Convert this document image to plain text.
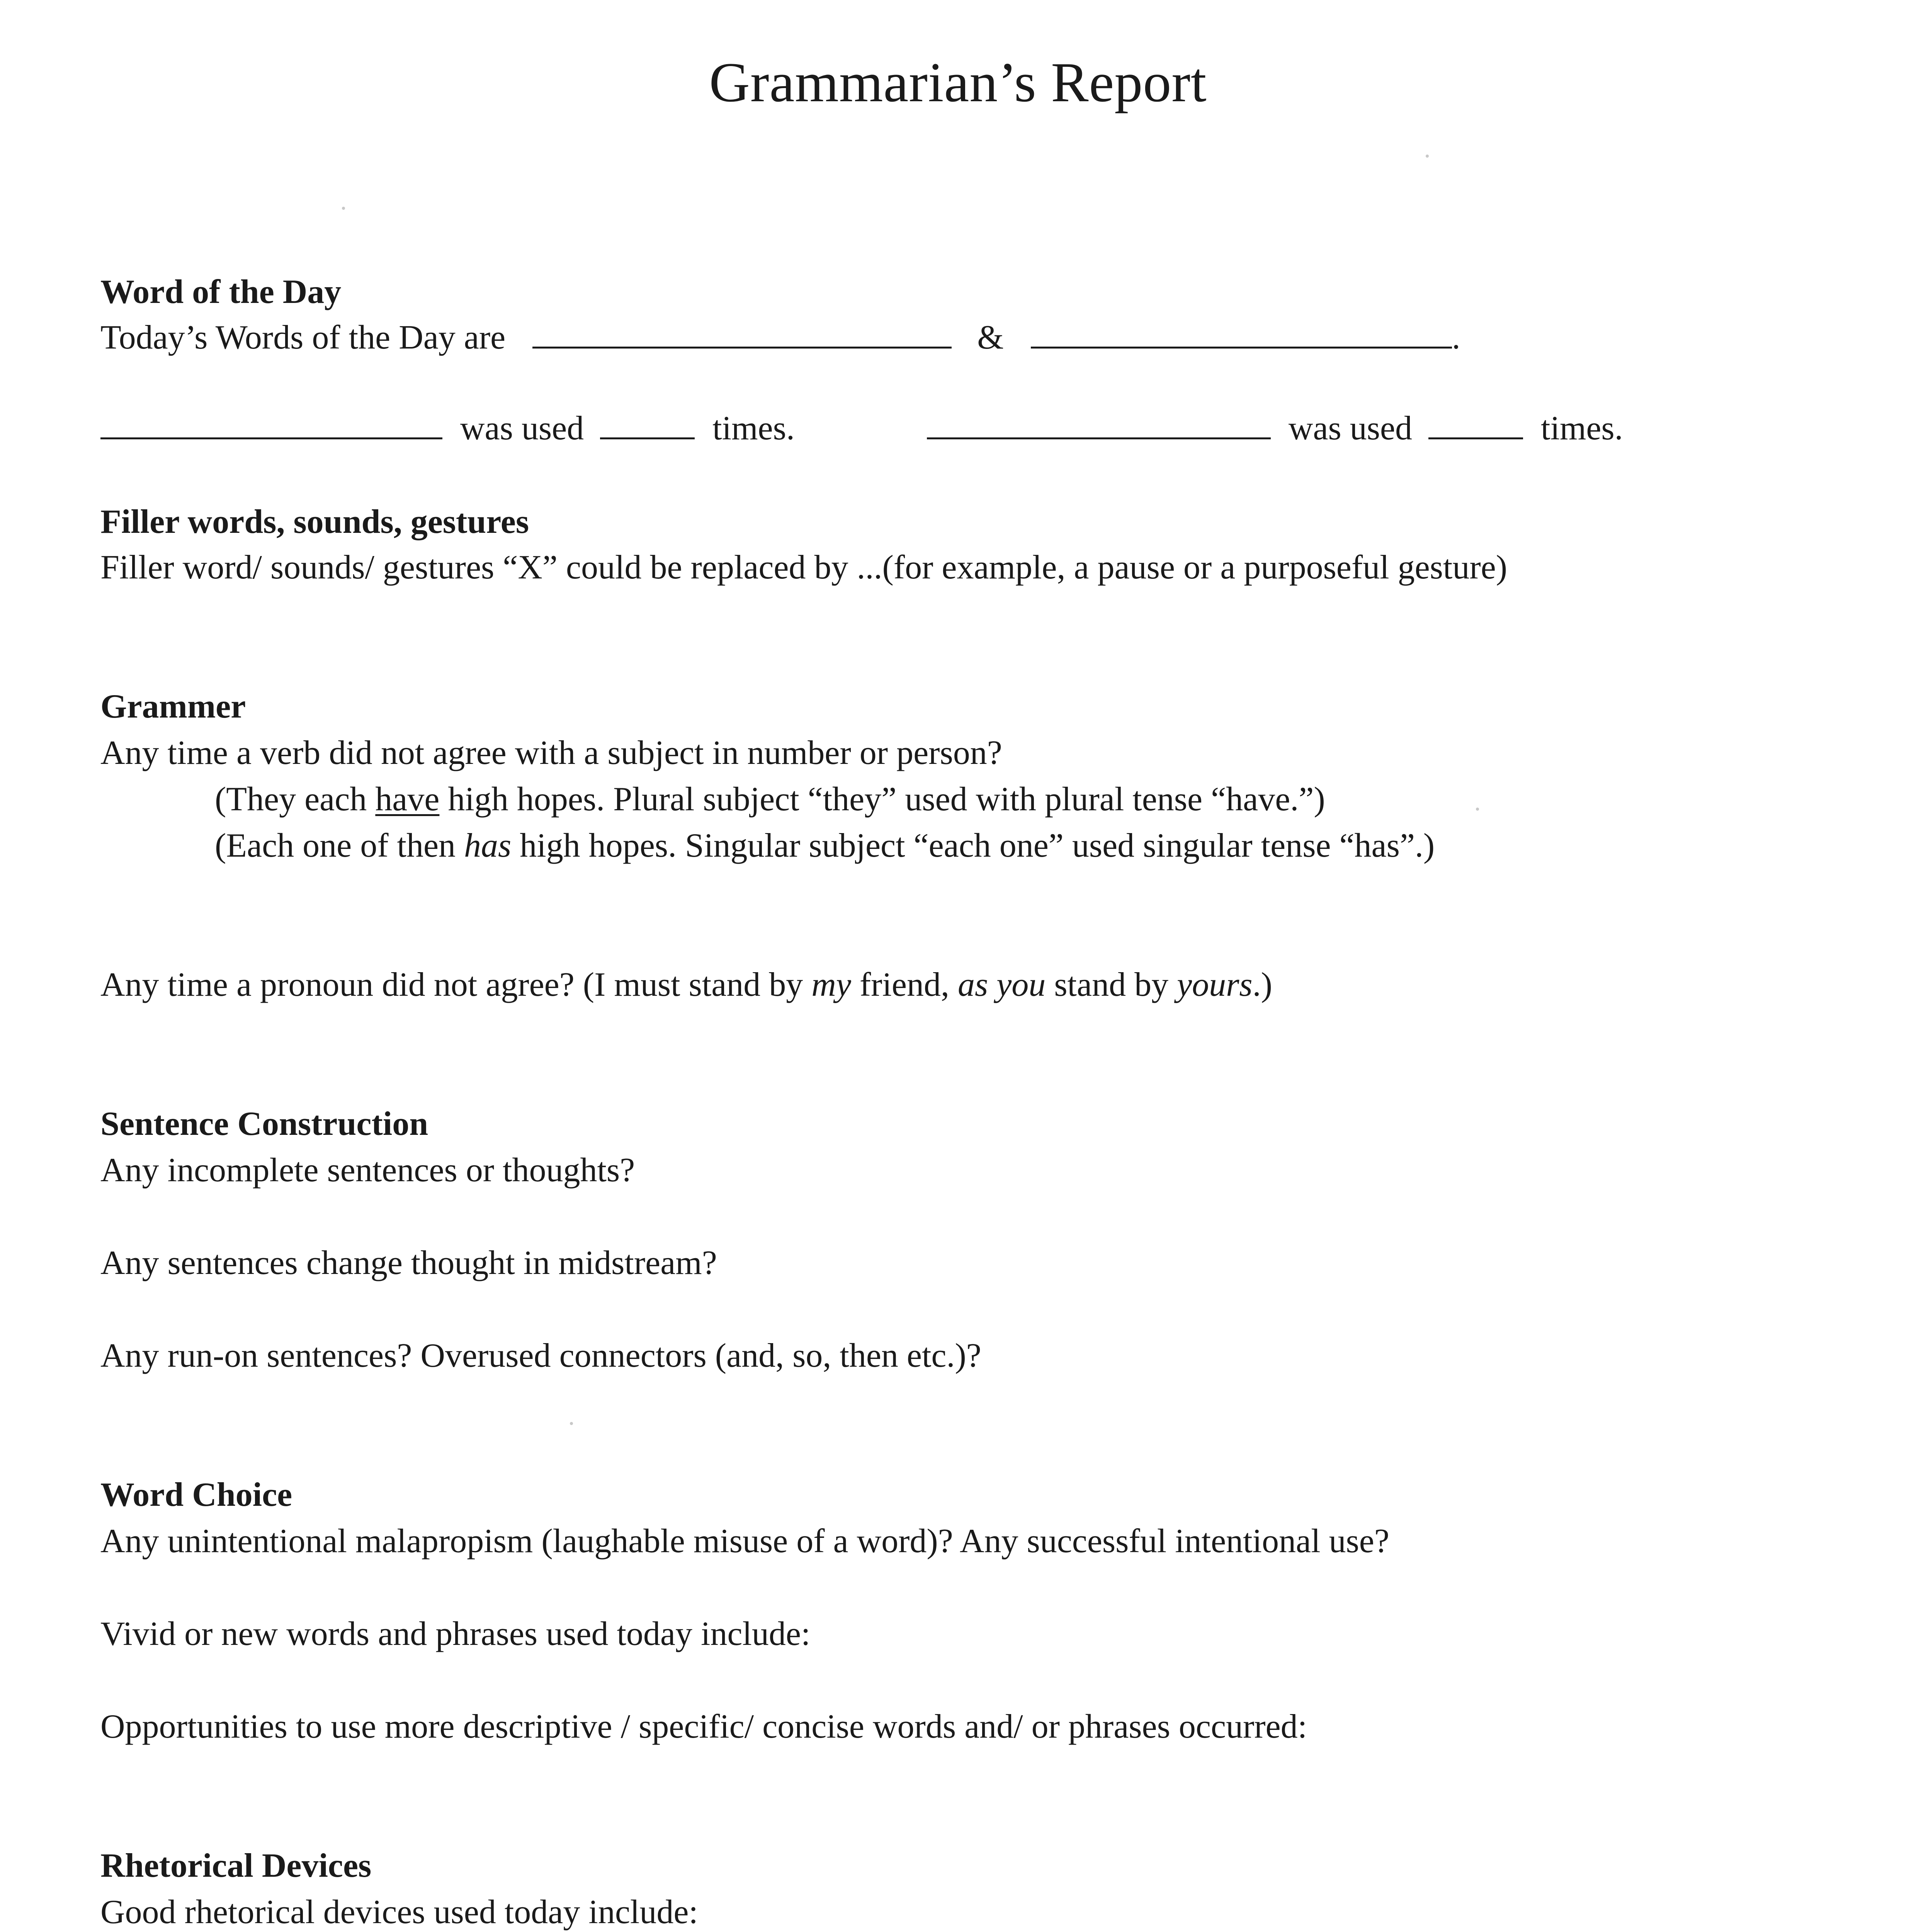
Grammarian’s Report
Word of the Day
Today’s Words of the Day are	&	.
was used	times.	was used	times.
Filler words, sounds, gestures
Filler word/ sounds/ gestures “X” could be replaced by ...(for example, a pause or a purposeful gesture)
Grammer
Any time a verb did not agree with a subject in number or person?
(They each have high hopes. Plural subject “they” used with plural tense “have.”)
(Each one of then has high hopes. Singular subject “each one” used singular tense “has”.)
Any time a pronoun did not agree? (I must stand by my friend, as you stand by yours.)
Sentence Construction
Any incomplete sentences or thoughts?
Any sentences change thought in midstream?
Any run-on sentences? Overused connectors (and, so, then etc.)?
Word Choice
Any unintentional malapropism (laughable misuse of a word)? Any successful intentional use?
Vivid or new words and phrases used today include:
Opportunities to use more descriptive / specific/ concise words and/ or phrases occurred:
Rhetorical Devices
Good rhetorical devices used today include:
